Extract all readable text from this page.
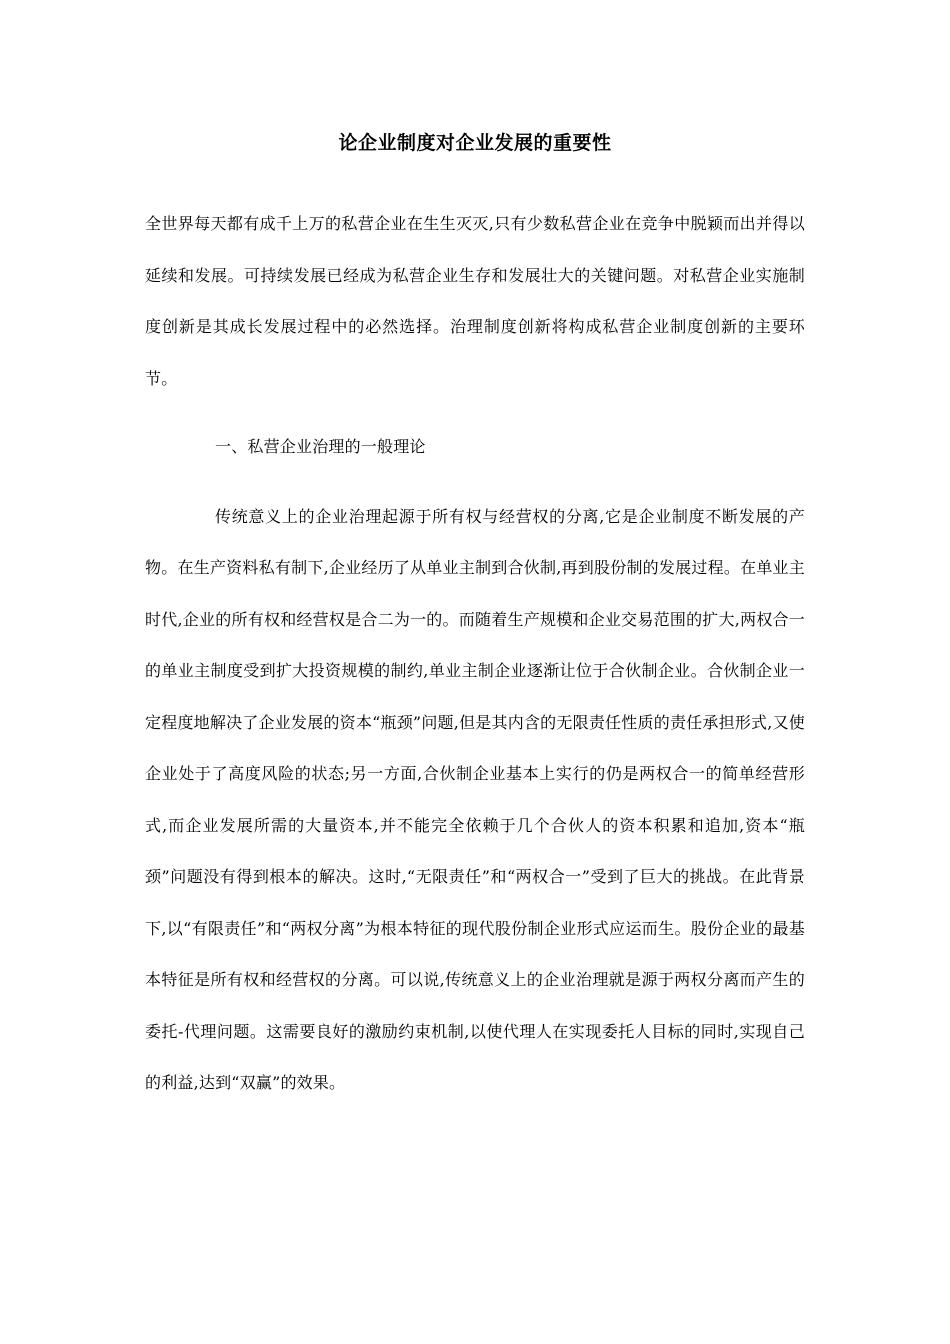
论企业制度对企业发展的重要性

全世界每天都有成千上万的私营企业在生生灭灭,只有少数私营企业在竞争中脱颖而出并得以延续和发展。可持续发展已经成为私营企业生存和发展壮大的关键问题。对私营企业实施制度创新是其成长发展过程中的必然选择。治理制度创新将构成私营企业制度创新的主要环节。

一、私营企业治理的一般理论

传统意义上的企业治理起源于所有权与经营权的分离,它是企业制度不断发展的产物。在生产资料私有制下,企业经历了从单业主制到合伙制,再到股份制的发展过程。在单业主时代,企业的所有权和经营权是合二为一的。而随着生产规模和企业交易范围的扩大,两权合一的单业主制度受到扩大投资规模的制约,单业主制企业逐渐让位于合伙制企业。合伙制企业一定程度地解决了企业发展的资本“瓶颈”问题,但是其内含的无限责任性质的责任承担形式,又使企业处于了高度风险的状态;另一方面,合伙制企业基本上实行的仍是两权合一的简单经营形式,而企业发展所需的大量资本,并不能完全依赖于几个合伙人的资本积累和追加,资本“瓶颈”问题没有得到根本的解决。这时,“无限责任”和“两权合一”受到了巨大的挑战。在此背景下,以“有限责任”和“两权分离”为根本特征的现代股份制企业形式应运而生。股份企业的最基本特征是所有权和经营权的分离。可以说,传统意义上的企业治理就是源于两权分离而产生的委托-代理问题。这需要良好的激励约束机制,以使代理人在实现委托人目标的同时,实现自己的利益,达到“双赢”的效果。
